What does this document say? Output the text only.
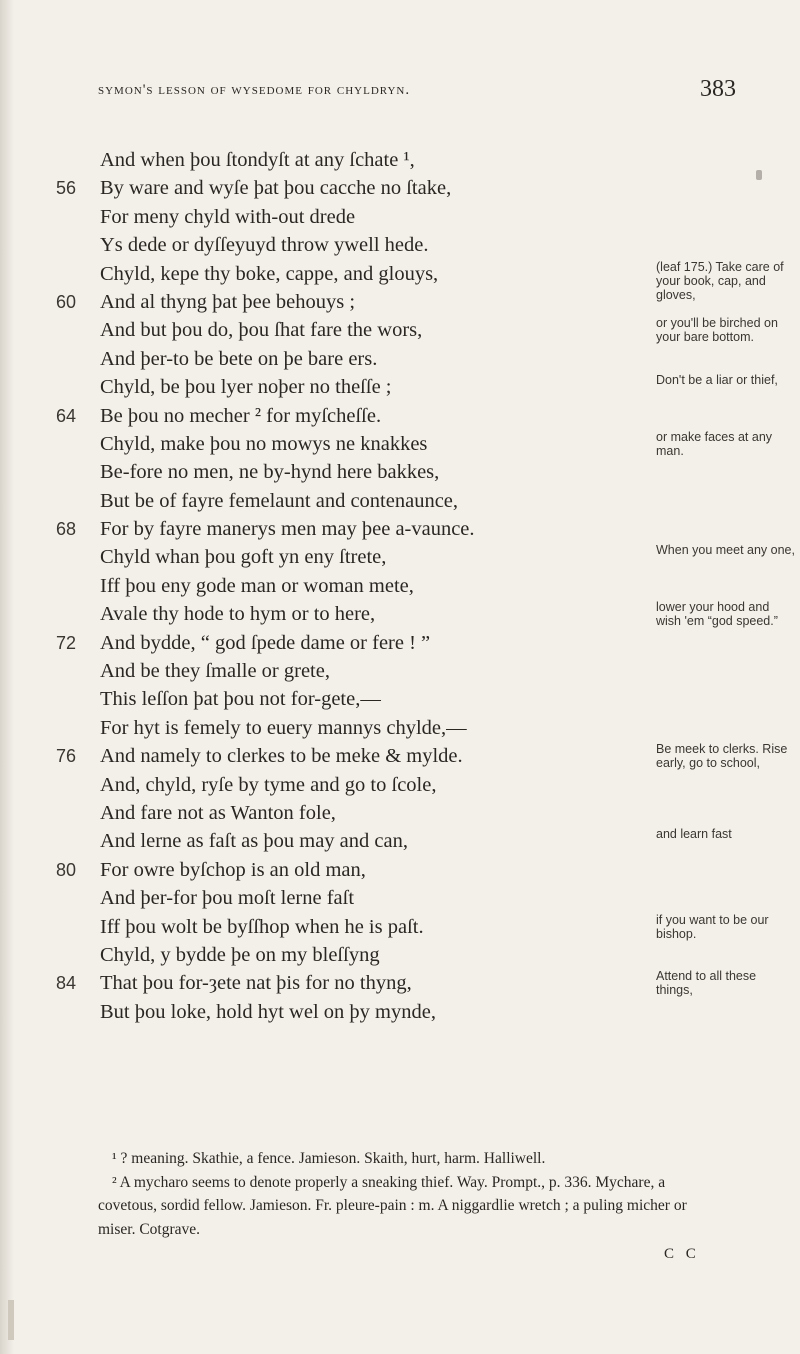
symon's lesson of wysedome for chyldryn.	383
And when þou ſtondyſt at any ſchate ¹,
56	By ware and wyſe þat þou cacche no ſtake,
For meny chyld with-out drede
Ys dede or dyſſeyuyd throw ywell hede.
Chyld, kepe thy boke, cappe, and glouys,	(leaf 175.) Take care of your book, cap, and gloves,
60	And al thyng þat þee behouys ;
And but þou do, þou ſhat fare the wors,	or you'll be birched on your bare bottom.
And þer-to be bete on þe bare ers.
Chyld, be þou lyer noþer no theſſe ;	Don't be a liar or thief,
64	Be þou no mecher ² for myſcheſſe.
Chyld, make þou no mowys ne knakkes	or make faces at any man.
Be-fore no men, ne by-hynd here bakkes,
But be of fayre femelaunt and contenaunce,
68	For by fayre manerys men may þee a-vaunce.
Chyld whan þou goft yn eny ſtrete,	When you meet any one,
Iff þou eny gode man or woman mete,
Avale thy hode to hym or to here,	lower your hood and wish 'em “god speed.”
72	And bydde, “ god ſpede dame or fere ! ”
And be they ſmalle or grete,
This leſſon þat þou not for-gete,—
For hyt is femely to euery mannys chylde,—
76	And namely to clerkes to be meke & mylde.	Be meek to clerks. Rise early, go to school,
And, chyld, ryſe by tyme and go to ſcole,
And fare not as Wanton fole,
And lerne as faſt as þou may and can,	and learn fast
80	For owre byſchop is an old man,
And þer-for þou moſt lerne faſt
Iff þou wolt be byſſhop when he is paſt.	if you want to be our bishop.
Chyld, y bydde þe on my bleſſyng
84	That þou for-ȝete nat þis for no thyng,	Attend to all these things,
But þou loke, hold hyt wel on þy mynde,

¹ ? meaning. Skathie, a fence. Jamieson. Skaith, hurt, harm. Halliwell.

² A mycharo seems to denote properly a sneaking thief. Way. Prompt., p. 336. Mychare, a covetous, sordid fellow. Jamieson. Fr. pleure-pain : m. A niggardlie wretch ; a puling micher or miser. Cotgrave.

C C
